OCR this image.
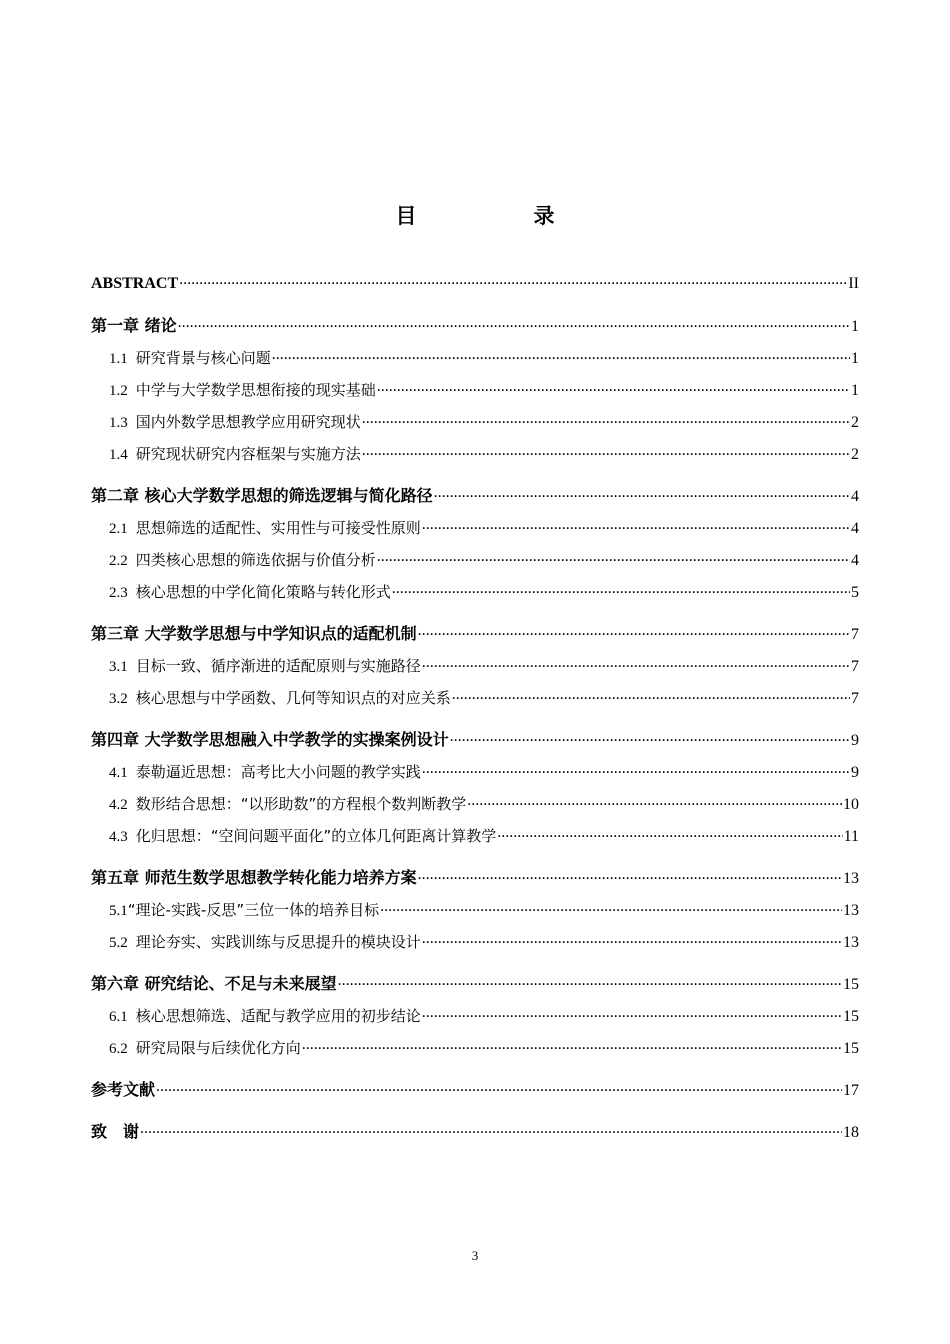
目　录
ABSTRACT .....	II
第一章 绪论 .....	1
1.1 研究背景与核心问题 .....	1
1.2 中学与大学数学思想衔接的现实基础 .....	1
1.3 国内外数学思想教学应用研究现状 .....	2
1.4 研究现状研究内容框架与实施方法 .....	2
第二章 核心大学数学思想的筛选逻辑与简化路径 .....	4
2.1 思想筛选的适配性、实用性与可接受性原则 .....	4
2.2 四类核心思想的筛选依据与价值分析 .....	4
2.3 核心思想的中学化简化策略与转化形式 .....	5
第三章 大学数学思想与中学知识点的适配机制 .....	7
3.1 目标一致、循序渐进的适配原则与实施路径 .....	7
3.2 核心思想与中学函数、几何等知识点的对应关系 .....	7
第四章 大学数学思想融入中学教学的实操案例设计 .....	9
4.1 泰勒逼近思想：高考比大小问题的教学实践 .....	9
4.2 数形结合思想：“以形助数”的方程根个数判断教学 .....	10
4.3 化归思想：“空间问题平面化”的立体几何距离计算教学 .....	11
第五章 师范生数学思想教学转化能力培养方案 .....	13
5.1 “理论-实践-反思”三位一体的培养目标 .....	13
5.2 理论夯实、实践训练与反思提升的模块设计 .....	13
第六章 研究结论、不足与未来展望 .....	15
6.1 核心思想筛选、适配与教学应用的初步结论 .....	15
6.2 研究局限与后续优化方向 .....	15
参考文献 .....	17
致　谢 .....	18
3
